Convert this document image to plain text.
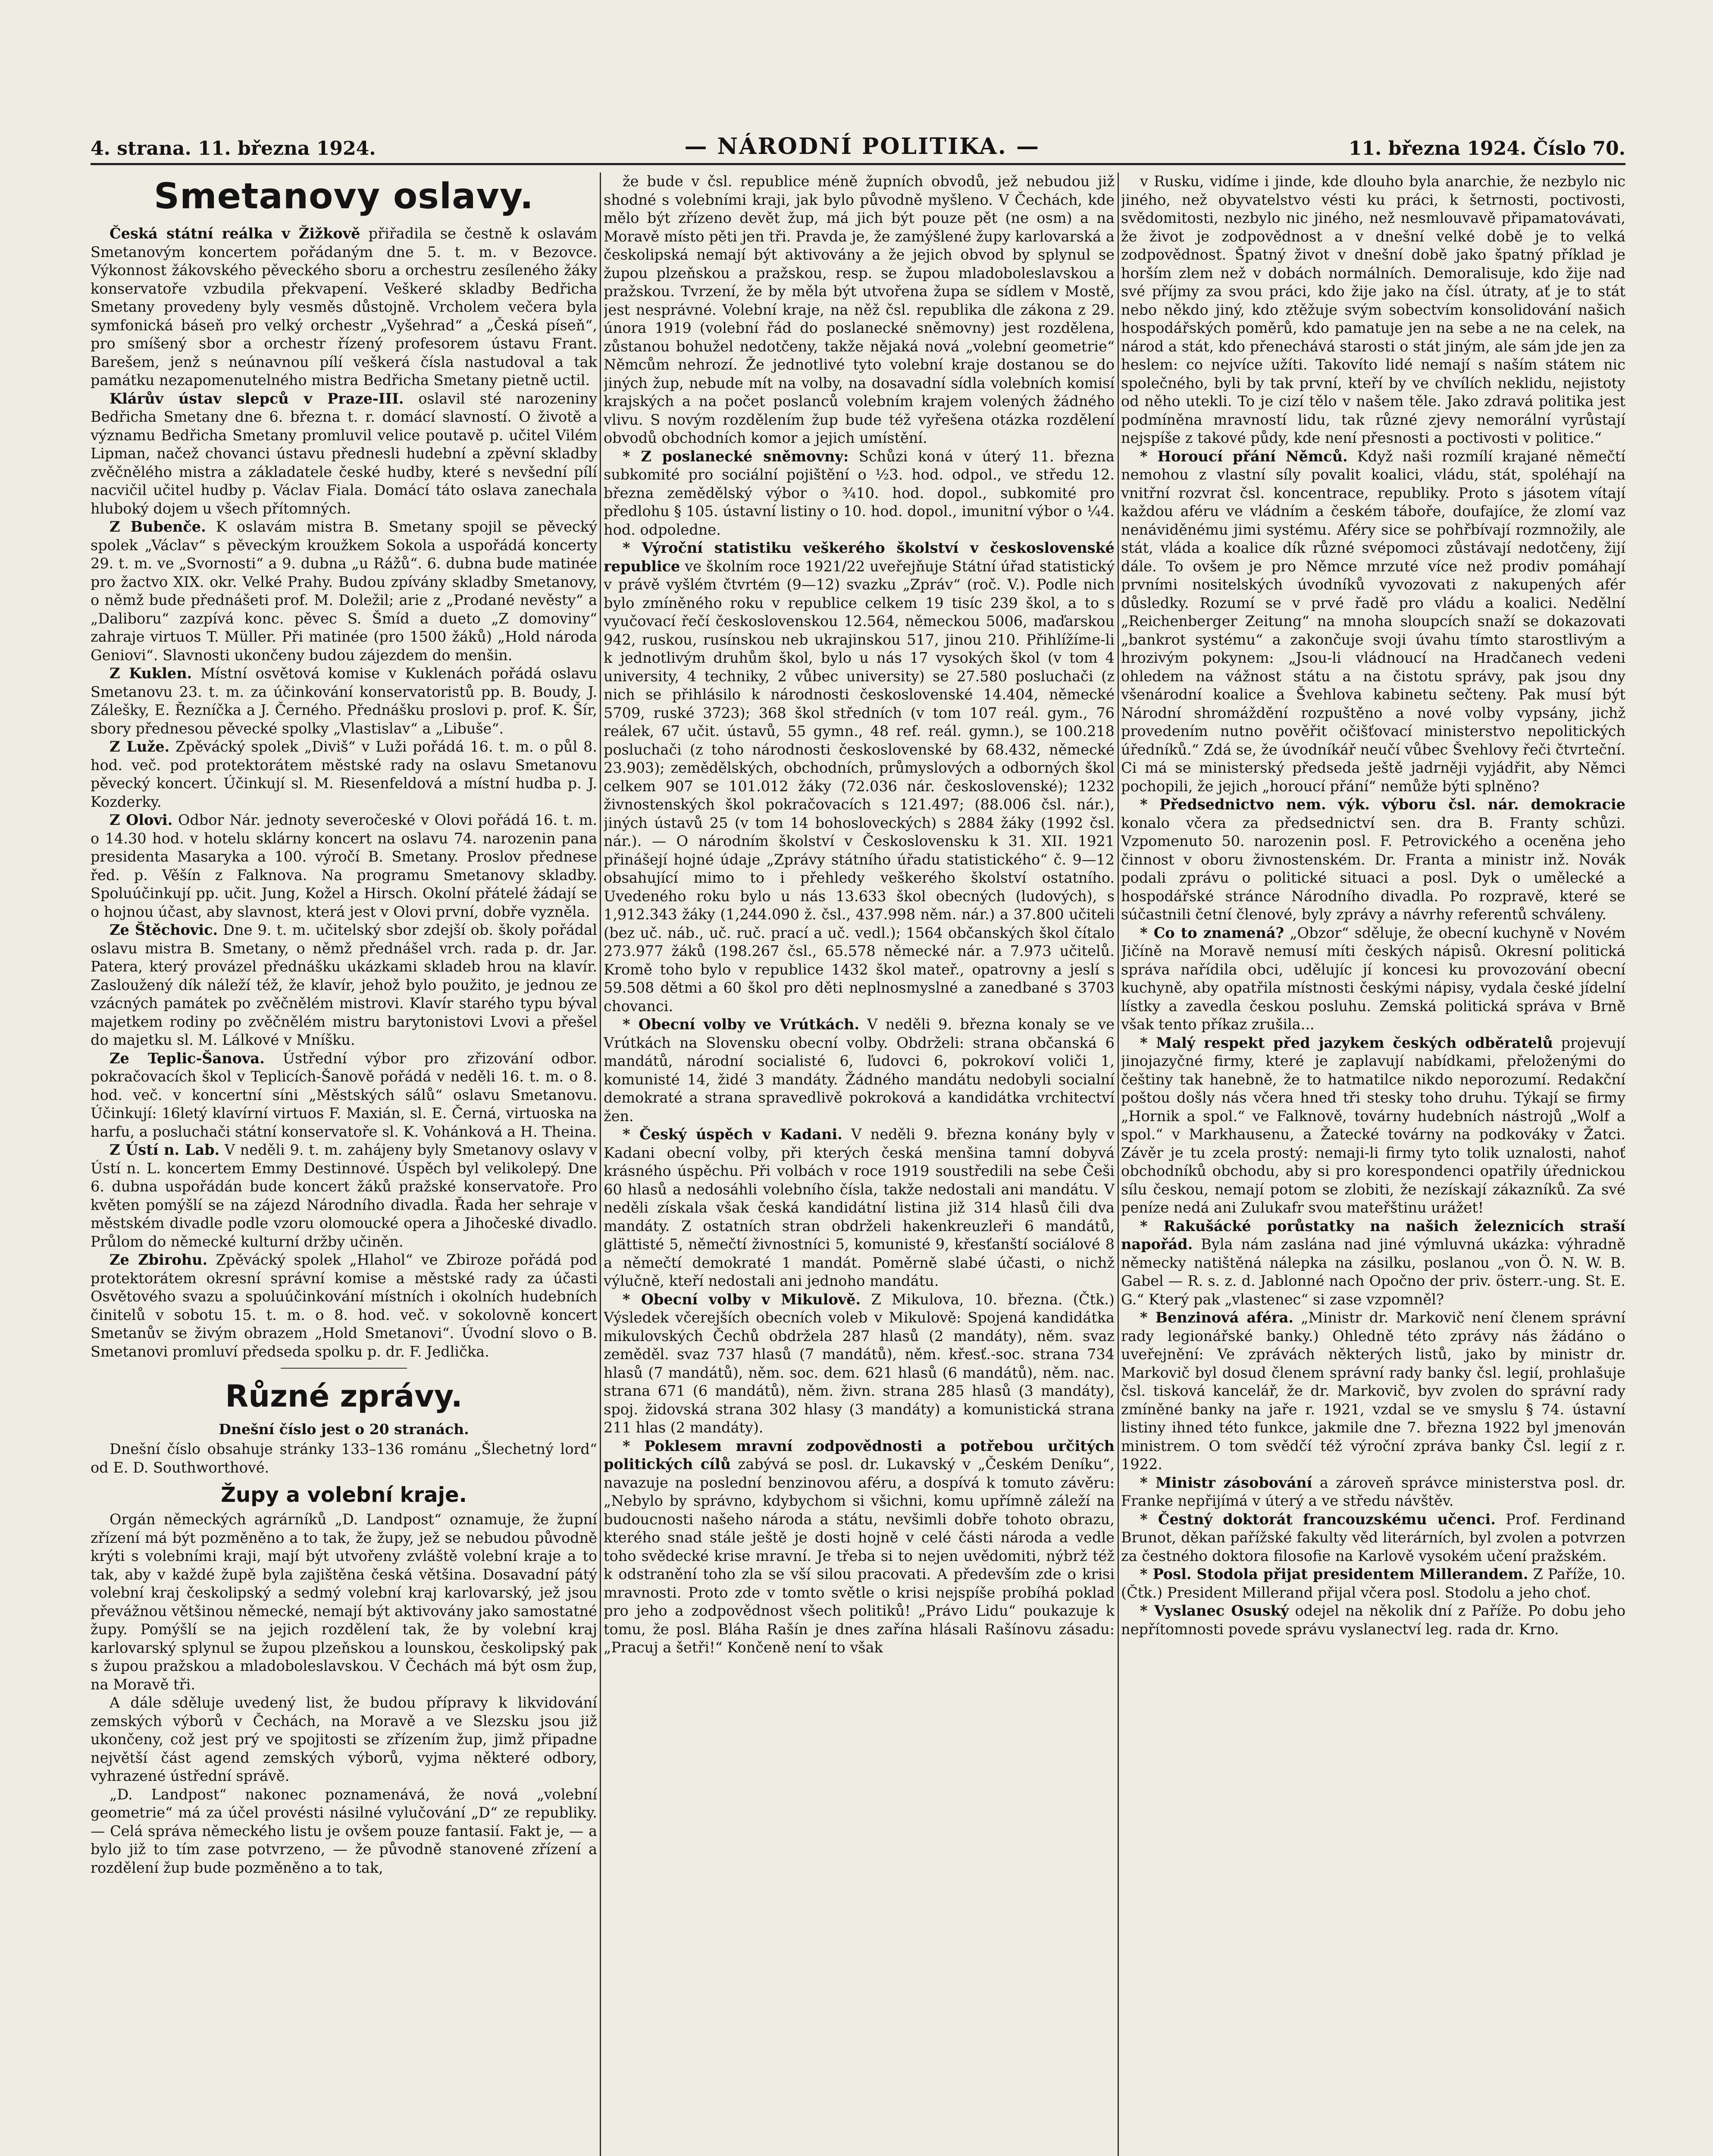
4. strana. 11. března 1924.	— NÁRODNÍ POLITIKA. —	11. března 1924. Číslo 70.
Smetanovy oslavy.

Česká státní reálka v Žižkově přiřadila se čestně k oslavám Smetanovým koncertem pořádaným dne 5. t. m. v Bezovce. Výkonnost žákovského pěveckého sboru a orchestru zesíleného žáky konservatoře vzbudila překvapení. Veškeré skladby Bedřicha Smetany provedeny byly vesměs důstojně. Vrcholem večera byla symfonická báseň pro velký orchestr „Vyšehrad“ a „Česká píseň“, pro smíšený sbor a orchestr řízený profesorem ústavu Frant. Barešem, jenž s neúnavnou pílí veškerá čísla nastudoval a tak památku nezapomenutelného mistra Bedřicha Smetany pietně uctil.

Klárův ústav slepců v Praze-III. oslavil sté narozeniny Bedřicha Smetany dne 6. března t. r. domácí slavností. O životě a významu Bedřicha Smetany promluvil velice poutavě p. učitel Vilém Lipman, načež chovanci ústavu přednesli hudební a zpěvní skladby zvěčnělého mistra a základatele české hudby, které s nevšední pílí nacvičil učitel hudby p. Václav Fiala. Domácí táto oslava zanechala hluboký dojem u všech přítomných.

Z Bubenče. K oslavám mistra B. Smetany spojil se pěvecký spolek „Václav“ s pěveckým kroužkem Sokola a uspořádá koncerty 29. t. m. ve „Svornosti“ a 9. dubna „u Rážů“. 6. dubna bude matinée pro žactvo XIX. okr. Velké Prahy. Budou zpívány skladby Smetanovy, o němž bude přednášeti prof. M. Doležil; arie z „Prodané nevěsty“ a „Daliboru“ zazpívá konc. pěvec S. Šmíd a dueto „Z domoviny“ zahraje virtuos T. Müller. Při matinée (pro 1500 žáků) „Hold národa Geniovi“. Slavnosti ukončeny budou zájezdem do menšin.

Z Kuklen. Místní osvětová komise v Kuklenách pořádá oslavu Smetanovu 23. t. m. za účinkování konservatoristů pp. B. Boudy, J. Zálešky, E. Řezníčka a J. Černého. Přednášku proslovi p. prof. K. Šír, sbory přednesou pěvecké spolky „Vlastislav“ a „Libuše“.

Z Luže. Zpěvácký spolek „Diviš“ v Luži pořádá 16. t. m. o půl 8. hod. več. pod protektorátem městské rady na oslavu Smetanovu pěvecký koncert. Účinkují sl. M. Riesenfeldová a místní hudba p. J. Kozderky.

Z Olovi. Odbor Nár. jednoty severočeské v Olovi pořádá 16. t. m. o 14.30 hod. v hotelu sklárny koncert na oslavu 74. narozenin pana presidenta Masaryka a 100. výročí B. Smetany. Proslov přednese řed. p. Věšín z Falknova. Na programu Smetanovy skladby. Spoluúčinkují pp. učit. Jung, Kožel a Hirsch. Okolní přátelé žádají se o hojnou účast, aby slavnost, která jest v Olovi první, dobře vyzněla.

Ze Štěchovic. Dne 9. t. m. učitelský sbor zdejší ob. školy pořádal oslavu mistra B. Smetany, o němž přednášel vrch. rada p. dr. Jar. Patera, který provázel přednášku ukázkami skladeb hrou na klavír. Zasloužený dík náleží též, že klavír, jehož bylo použito, je jednou ze vzácných památek po zvěčnělém mistrovi. Klavír starého typu býval majetkem rodiny po zvěčnělém mistru barytonistovi Lvovi a přešel do majetku sl. M. Lálkové v Mníšku.

Ze Teplic-Šanova. Ústřední výbor pro zřizování odbor. pokračovacích škol v Teplicích-Šanově pořádá v neděli 16. t. m. o 8. hod. več. v koncertní síni „Městských sálů“ oslavu Smetanovu. Účinkují: 16letý klavírní virtuos F. Maxián, sl. E. Černá, virtuoska na harfu, a posluchači státní konservatoře sl. K. Vohánková a H. Theina.

Z Ústí n. Lab. V neděli 9. t. m. zahájeny byly Smetanovy oslavy v Ústí n. L. koncertem Emmy Destinnové. Úspěch byl velikolepý. Dne 6. dubna uspořádán bude koncert žáků pražské konservatoře. Pro květen pomýšlí se na zájezd Národního divadla. Řada her sehraje v městském divadle podle vzoru olomoucké opera a Jihočeské divadlo. Průlom do německé kulturní držby učiněn.

Ze Zbirohu. Zpěvácký spolek „Hlahol“ ve Zbiroze pořádá pod protektorátem okresní správní komise a městské rady za účasti Osvětového svazu a spoluúčinkování místních i okolních hudebních činitelů v sobotu 15. t. m. o 8. hod. več. v sokolovně koncert Smetanův se živým obrazem „Hold Smetanovi“. Úvodní slovo o B. Smetanovi promluví předseda spolku p. dr. F. Jedlička.

Různé zprávy.
Dnešní číslo jest o 20 stranách.

Dnešní číslo obsahuje stránky 133–136 románu „Šlechetný lord“ od E. D. Southworthové.

Župy a volební kraje.

Orgán německých agrárníků „D. Landpost“ oznamuje, že župní zřízení má být pozměněno a to tak, že župy, jež se nebudou původně krýti s volebními kraji, mají být utvořeny zvláště volební kraje a to tak, aby v každé župě byla zajištěna česká většina. Dosavadní pátý volební kraj českolipský a sedmý volební kraj karlovarský, jež jsou převážnou většinou německé, nemají být aktivovány jako samostatné župy. Pomýšlí se na jejich rozdělení tak, že by volební kraj karlovarský splynul se župou plzeňskou a lounskou, českolipský pak s župou pražskou a mladoboleslavskou. V Čechách má být osm žup, na Moravě tři.

A dále sděluje uvedený list, že budou přípravy k likvidování zemských výborů v Čechách, na Moravě a ve Slezsku jsou již ukončeny, což jest prý ve spojitosti se zřízením žup, jimž připadne největší část agend zemských výborů, vyjma některé odbory, vyhrazené ústřední správě.

„D. Landpost“ nakonec poznamenává, že nová „volební geometrie“ má za účel provésti násilné vylučování „D“ ze republiky. — Celá správa německého listu je ovšem pouze fantasií. Fakt je, — a bylo již to tím zase potvrzeno, — že původně stanovené zřízení a rozdělení žup bude pozměněno a to tak,

že bude v čsl. republice méně župních obvodů, jež nebudou již shodné s volebními kraji, jak bylo původně myšleno. V Čechách, kde mělo být zřízeno devět žup, má jich být pouze pět (ne osm) a na Moravě místo pěti jen tři. Pravda je, že zamýšlené župy karlovarská a českolipská nemají být aktivovány a že jejich obvod by splynul se župou plzeňskou a pražskou, resp. se župou mladoboleslavskou a pražskou. Tvrzení, že by měla být utvořena župa se sídlem v Mostě, jest nesprávné. Volební kraje, na něž čsl. republika dle zákona z 29. února 1919 (volební řád do poslanecké sněmovny) jest rozdělena, zůstanou bohužel nedotčeny, takže nějaká nová „volební geometrie“ Němcům nehrozí. Že jednotlivé tyto volební kraje dostanou se do jiných žup, nebude mít na volby, na dosavadní sídla volebních komisí krajských a na počet poslanců volebním krajem volených žádného vlivu. S novým rozdělením žup bude též vyřešena otázka rozdělení obvodů obchodních komor a jejich umístění.

* Z poslanecké sněmovny: Schůzi koná v úterý 11. března subkomité pro sociální pojištění o ½3. hod. odpol., ve středu 12. března zemědělský výbor o ¾10. hod. dopol., subkomité pro předlohu § 105. ústavní listiny o 10. hod. dopol., imunitní výbor o ¼4. hod. odpoledne.

* Výroční statistiku veškerého školství v československé republice ve školním roce 1921/22 uveřejňuje Státní úřad statistický v právě vyšlém čtvrtém (9—12) svazku „Zpráv“ (roč. V.). Podle nich bylo zmíněného roku v republice celkem 19 tisíc 239 škol, a to s vyučovací řečí československou 12.564, německou 5006, maďarskou 942, ruskou, rusínskou neb ukrajinskou 517, jinou 210. Přihlížíme-li k jednotlivým druhům škol, bylo u nás 17 vysokých škol (v tom 4 university, 4 techniky, 2 vůbec university) se 27.580 posluchači (z nich se přihlásilo k národnosti československé 14.404, německé 5709, ruské 3723); 368 škol středních (v tom 107 reál. gym., 76 reálek, 67 učit. ústavů, 55 gymn., 48 ref. reál. gymn.), se 100.218 posluchači (z toho národnosti československé by 68.432, německé 23.903); zemědělských, obchodních, průmyslových a odborných škol celkem 907 se 101.012 žáky (72.036 nár. československé); 1232 živnostenských škol pokračovacích s 121.497; (88.006 čsl. nár.), jiných ústavů 25 (v tom 14 bohosloveckých) s 2884 žáky (1992 čsl. nár.). — O národním školství v Československu k 31. XII. 1921 přinášejí hojné údaje „Zprávy státního úřadu statistického“ č. 9—12 obsahující mimo to i přehledy veškerého školství ostatního. Uvedeného roku bylo u nás 13.633 škol obecných (ludových), s 1,912.343 žáky (1,244.090 ž. čsl., 437.998 něm. nár.) a 37.800 učiteli (bez uč. náb., uč. ruč. prací a uč. vedl.); 1564 občanských škol čítalo 273.977 žáků (198.267 čsl., 65.578 německé nár. a 7.973 učitelů. Kromě toho bylo v republice 1432 škol mateř., opatrovny a jeslí s 59.508 dětmi a 60 škol pro děti neplnosmyslné a zanedbané s 3703 chovanci.

* Obecní volby ve Vrútkách. V neděli 9. března konaly se ve Vrútkách na Slovensku obecní volby. Obdrželi: strana občanská 6 mandátů, národní socialisté 6, ľudovci 6, pokrokoví voliči 1, komunisté 14, židé 3 mandáty. Žádného mandátu nedobyli socialní demokraté a strana spravedlivě pokroková a kandidátka vrchitectví žen.

* Český úspěch v Kadani. V neděli 9. března konány byly v Kadani obecní volby, při kterých česká menšina tamní dobyvá krásného úspěchu. Při volbách v roce 1919 soustředili na sebe Češi 60 hlasů a nedosáhli volebního čísla, takže nedostali ani mandátu. V neděli získala však česká kandidátní listina již 314 hlasů čili dva mandáty. Z ostatních stran obdrželi hakenkreuzleři 6 mandátů, glättisté 5, němečtí živnostníci 5, komunisté 9, křesťanští sociálové 8 a němečtí demokraté 1 mandát. Poměrně slabé účasti, o nichž výlučně, kteří nedostali ani jednoho mandátu.

* Obecní volby v Mikulově. Z Mikulova, 10. března. (Čtk.) Výsledek včerejších obecních voleb v Mikulově: Spojená kandidátka mikulovských Čechů obdržela 287 hlasů (2 mandáty), něm. svaz zeměděl. svaz 737 hlasů (7 mandátů), něm. křesť.-soc. strana 734 hlasů (7 mandátů), něm. soc. dem. 621 hlasů (6 mandátů), něm. nac. strana 671 (6 mandátů), něm. živn. strana 285 hlasů (3 mandáty), spoj. židovská strana 302 hlasy (3 mandáty) a komunistická strana 211 hlas (2 mandáty).

* Poklesem mravní zodpovědnosti a potřebou určitých politických cílů zabývá se posl. dr. Lukavský v „Českém Deníku“, navazuje na poslední benzinovou aféru, a dospívá k tomuto závěru: „Nebylo by správno, kdybychom si všichni, komu upřímně záleží na budoucnosti našeho národa a státu, nevšimli dobře tohoto obrazu, kterého snad stále ještě je dosti hojně v celé části národa a vedle toho svědecké krise mravní. Je třeba si to nejen uvědomiti, nýbrž též k odstranění toho zla se vší silou pracovati. A především zde o krisi mravnosti. Proto zde v tomto světle o krisi nejspíše probíhá poklad pro jeho a zodpovědnost všech politiků! „Právo Lidu“ poukazuje k tomu, že posl. Bláha Rašín je dnes zařína hlásali Rašínovu zásadu: „Pracuj a šetři!“ Končeně není to však

v Rusku, vidíme i jinde, kde dlouho byla anarchie, že nezbylo nic jiného, než obyvatelstvo vésti ku práci, k šetrnosti, poctivosti, svědomitosti, nezbylo nic jiného, než nesmlouvavě připamatovávati, že život je zodpovědnost a v dnešní velké době je to velká zodpovědnost. Špatný život v dnešní době jako špatný příklad je horším zlem než v dobách normálních. Demoralisuje, kdo žije nad své příjmy za svou práci, kdo žije jako na čísl. útraty, ať je to stát nebo někdo jiný, kdo ztěžuje svým sobectvím konsolidování našich hospodářských poměrů, kdo pamatuje jen na sebe a ne na celek, na národ a stát, kdo přenechává starosti o stát jiným, ale sám jde jen za heslem: co nejvíce užíti. Takovíto lidé nemají s naším státem nic společného, byli by tak první, kteří by ve chvílích neklidu, nejistoty od něho utekli. To je cizí tělo v našem těle. Jako zdravá politika jest podmíněna mravností lidu, tak různé zjevy nemorální vyrůstají nejspíše z takové půdy, kde není přesnosti a poctivosti v politice.“

* Horoucí přání Němců. Když naši rozmílí krajané němečtí nemohou z vlastní síly povalit koalici, vládu, stát, spoléhají na vnitřní rozvrat čsl. koncentrace, republiky. Proto s jásotem vítají každou aféru ve vládním a českém táboře, doufajíce, že zlomí vaz nenáviděnému jimi systému. Aféry sice se pohřbívají rozmnožily, ale stát, vláda a koalice dík různé svépomoci zůstávají nedotčeny, žijí dále. To ovšem je pro Němce mrzuté více než prodiv pomáhají prvními nositelských úvodníků vyvozovati z nakupených afér důsledky. Rozumí se v prvé řadě pro vládu a koalici. Nedělní „Reichenberger Zeitung“ na mnoha sloupcích snaží se dokazovati „bankrot systému“ a zakončuje svoji úvahu tímto starostlivým a hrozivým pokynem: „Jsou-li vládnoucí na Hradčanech vedeni ohledem na vážnost státu a na čistotu správy, pak jsou dny všenárodní koalice a Švehlova kabinetu sečteny. Pak musí být Národní shromáždění rozpuštěno a nové volby vypsány, jichž provedením nutno pověřit očišťovací ministerstvo nepolitických úředníků.“ Zdá se, že úvodníkář neučí vůbec Švehlovy řeči čtvrteční. Ci má se ministerský předseda ještě jadrněji vyjádřit, aby Němci pochopili, že jejich „horoucí přání“ nemůže býti splněno?

* Předsednictvo nem. výk. výboru čsl. nár. demokracie konalo včera za předsednictví sen. dra B. Franty schůzi. Vzpomenuto 50. narozenin posl. F. Petrovického a oceněna jeho činnost v oboru živnostenském. Dr. Franta a ministr inž. Novák podali zprávu o politické situaci a posl. Dyk o umělecké a hospodářské stránce Národního divadla. Po rozpravě, které se súčastnili četní členové, byly zprávy a návrhy referentů schváleny.

* Co to znamená? „Obzor“ sděluje, že obecní kuchyně v Novém Jičíně na Moravě nemusí míti českých nápisů. Okresní politická správa nařídila obci, udělujíc jí koncesi ku provozování obecní kuchyně, aby opatřila místnosti českými nápisy, vydala české jídelní lístky a zavedla českou posluhu. Zemská politická správa v Brně však tento příkaz zrušila...

* Malý respekt před jazykem českých odběratelů projevují jinojazyčné firmy, které je zaplavují nabídkami, přeloženými do češtiny tak hanebně, že to hatmatilce nikdo neporozumí. Redakční poštou došly nás včera hned tři stesky toho druhu. Týkají se firmy „Hornik a spol.“ ve Falknově, továrny hudebních nástrojů „Wolf a spol.“ v Markhausenu, a Žatecké továrny na podkovákу v Žatci. Závěr je tu zcela prostý: nemaji-li firmy tyto tolik uznalosti, nahoť obchodníků obchodu, aby si pro korespondenci opatřily úřednickou sílu českou, nemají potom se zlobiti, že nezískají zákazníků. Za své peníze nedá ani Zulukafr svou mateřštinu urážet!

* Rakušácké porůstatky na našich železnicích straší napořád. Byla nám zaslána nad jiné výmluvná ukázka: výhradně německy natištěná nálepka na zásilku, poslanou „von Ö. N. W. B. Gabel — R. s. z. d. Jablonné nach Opočno der priv. österr.-ung. St. E. G.“ Který pak „vlastenec“ si zase vzpomněl?

* Benzinová aféra. „Ministr dr. Markovič není členem správní rady legionářské banky.) Ohledně této zprávy nás žádáno o uveřejnění: Ve zprávách některých listů, jako by ministr dr. Markovič byl dosud členem správní rady banky čsl. legií, prohlašuje čsl. tisková kancelář, že dr. Markovič, byv zvolen do správní rady zmíněné banky na jaře r. 1921, vzdal se ve smyslu § 74. ústavní listiny ihned této funkce, jakmile dne 7. března 1922 byl jmenován ministrem. O tom svědčí též výroční zpráva banky Čsl. legií z r. 1922.

* Ministr zásobování a zároveň správce ministerstva posl. dr. Franke nepřijímá v úterý a ve středu návštěv.

* Čestný doktorát francouzskému učenci. Prof. Ferdinand Brunot, děkan pařížské fakulty věd literárních, byl zvolen a potvrzen za čestného doktora filosofie na Karlově vysokém učení pražském.

* Posl. Stodola přijat presidentem Millerandem. Z Paříže, 10. (Čtk.) President Millerand přijal včera posl. Stodolu a jeho choť.

* Vyslanec Osuský odejel na několik dní z Paříže. Po dobu jeho nepřítomnosti povede správu vyslanectví leg. rada dr. Krno.
